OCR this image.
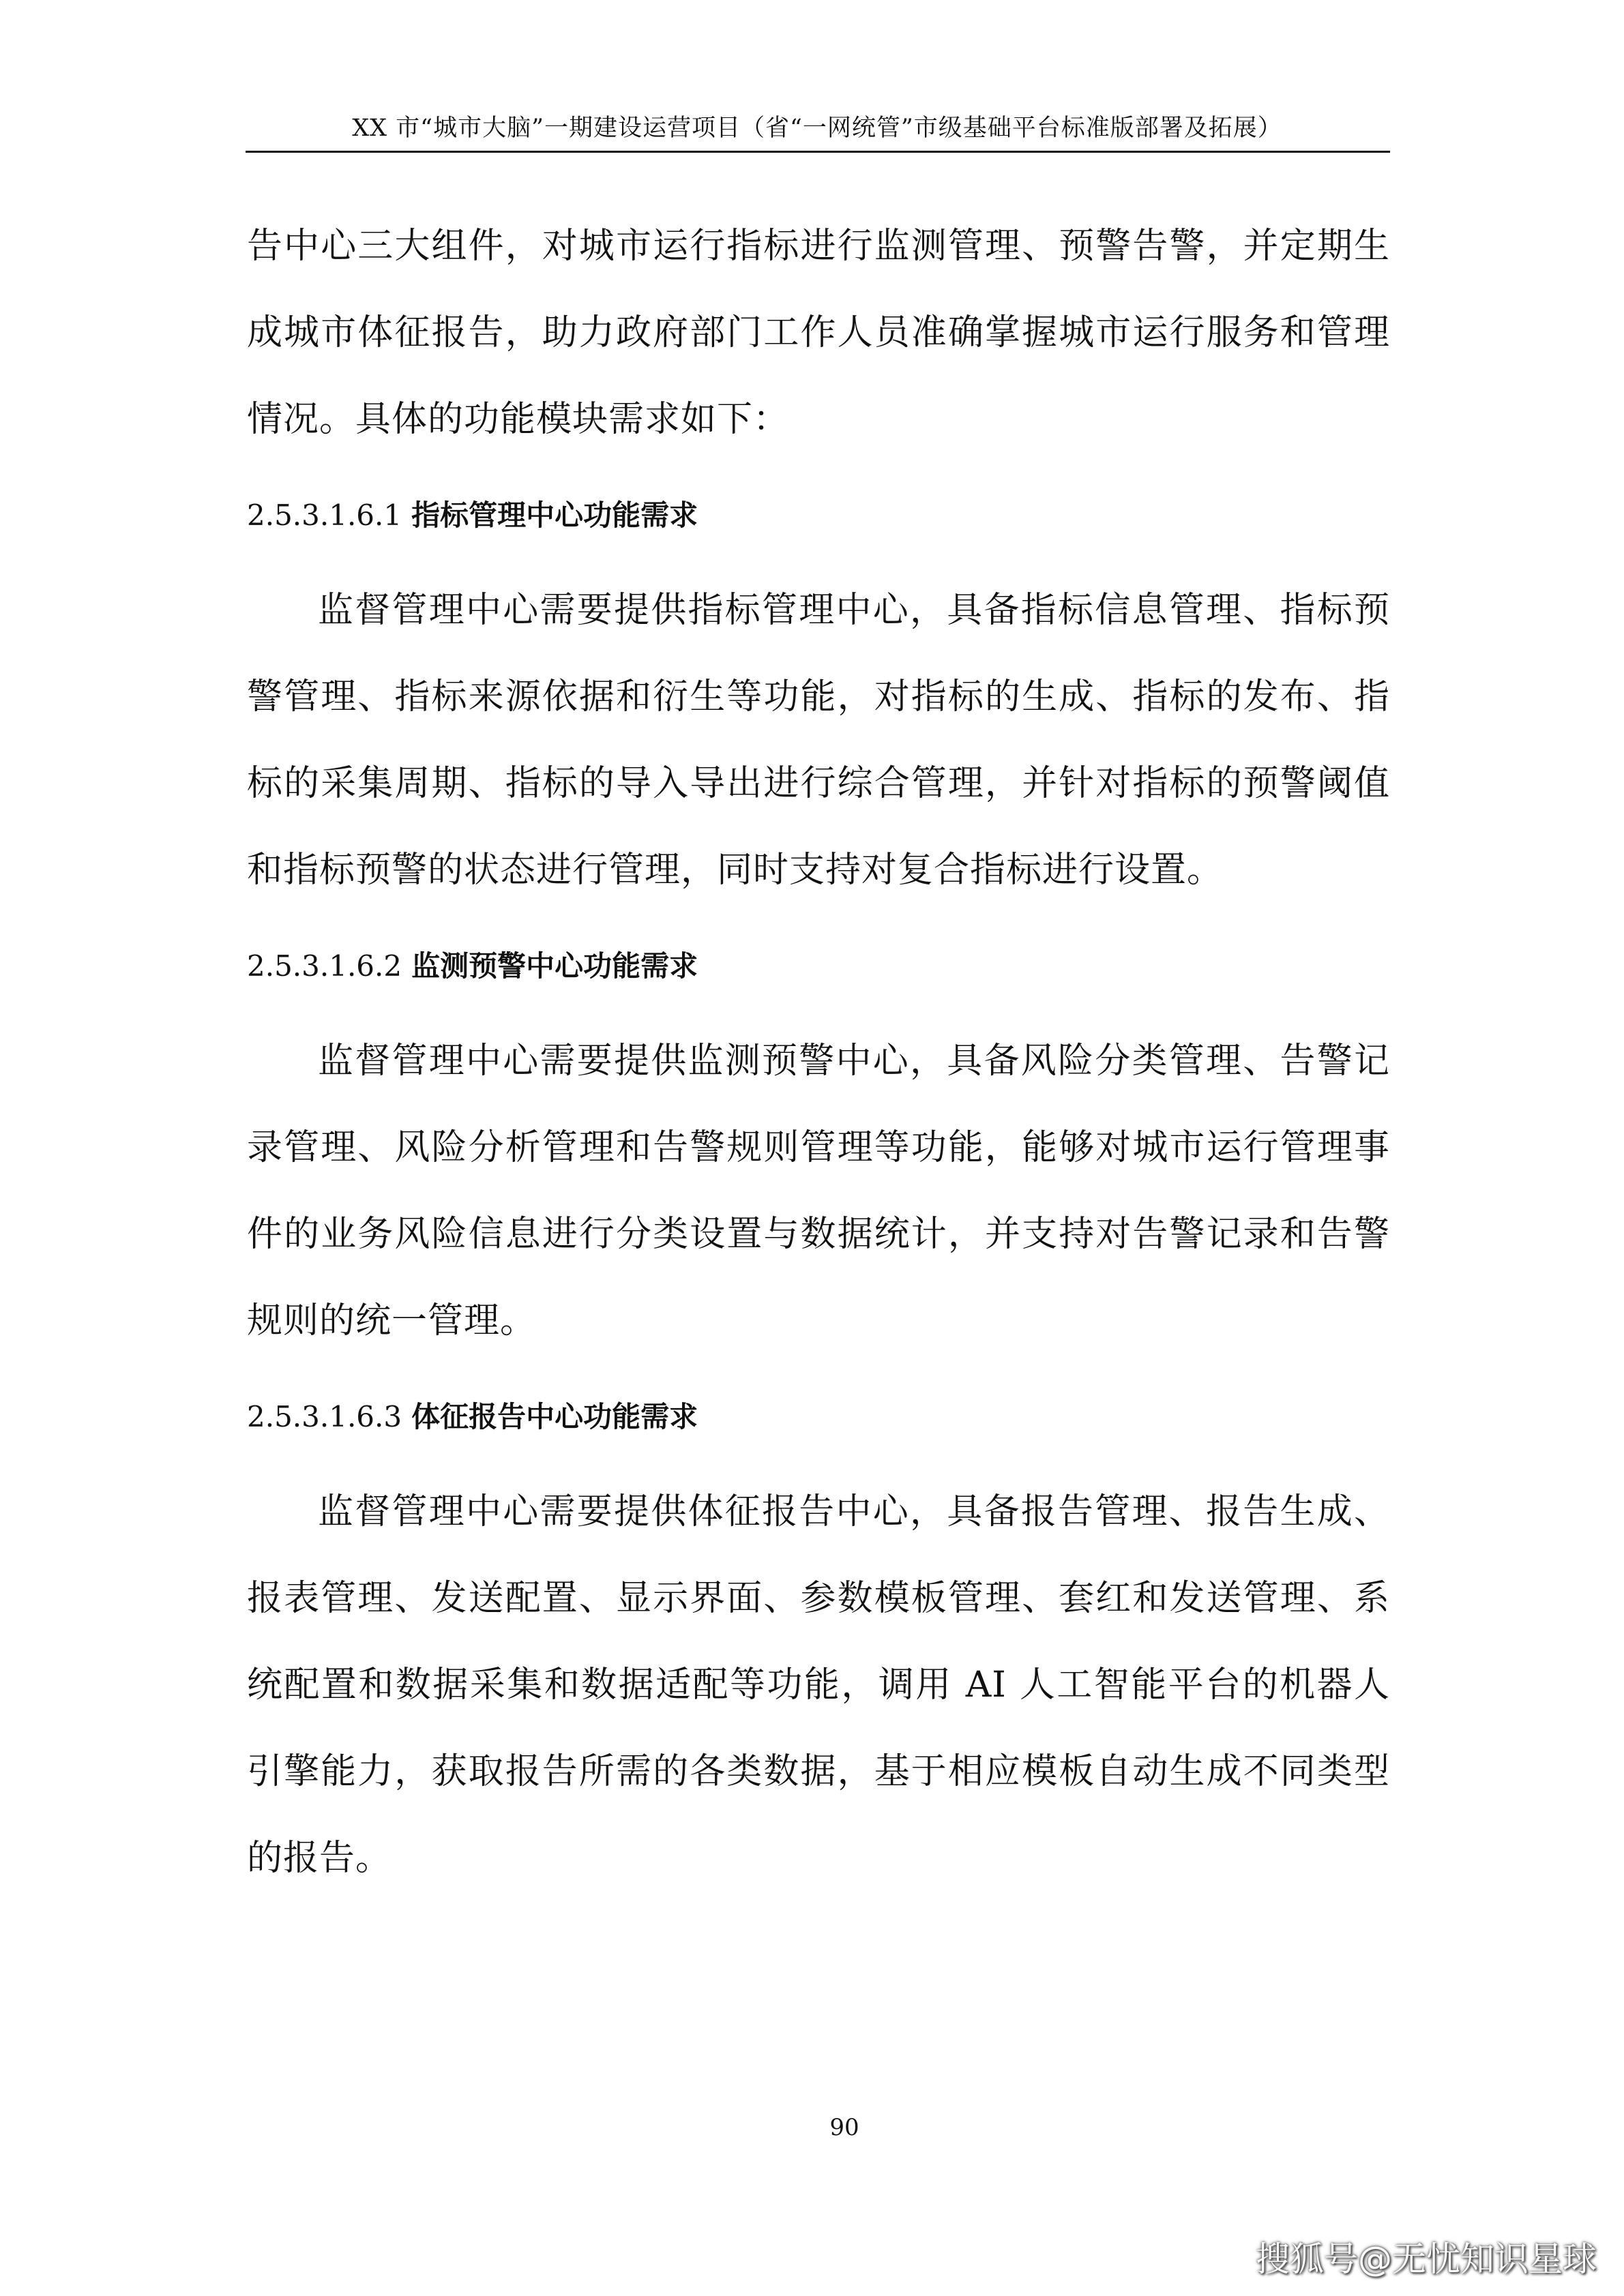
XX 市“城市大脑”一期建设运营项目（省“一网统管”市级基础平台标准版部署及拓展）

告中心三大组件，对城市运行指标进行监测管理、预警告警，并定期生成城市体征报告，助力政府部门工作人员准确掌握城市运行服务和管理情况。具体的功能模块需求如下：

2.5.3.1.6.1 指标管理中心功能需求

监督管理中心需要提供指标管理中心，具备指标信息管理、指标预警管理、指标来源依据和衍生等功能，对指标的生成、指标的发布、指标的采集周期、指标的导入导出进行综合管理，并针对指标的预警阈值和指标预警的状态进行管理，同时支持对复合指标进行设置。

2.5.3.1.6.2 监测预警中心功能需求

监督管理中心需要提供监测预警中心，具备风险分类管理、告警记录管理、风险分析管理和告警规则管理等功能，能够对城市运行管理事件的业务风险信息进行分类设置与数据统计，并支持对告警记录和告警规则的统一管理。

2.5.3.1.6.3 体征报告中心功能需求

监督管理中心需要提供体征报告中心，具备报告管理、报告生成、报表管理、发送配置、显示界面、参数模板管理、套红和发送管理、系统配置和数据采集和数据适配等功能，调用 AI 人工智能平台的机器人引擎能力，获取报告所需的各类数据，基于相应模板自动生成不同类型的报告。

90
搜狐号@无忧知识星球
